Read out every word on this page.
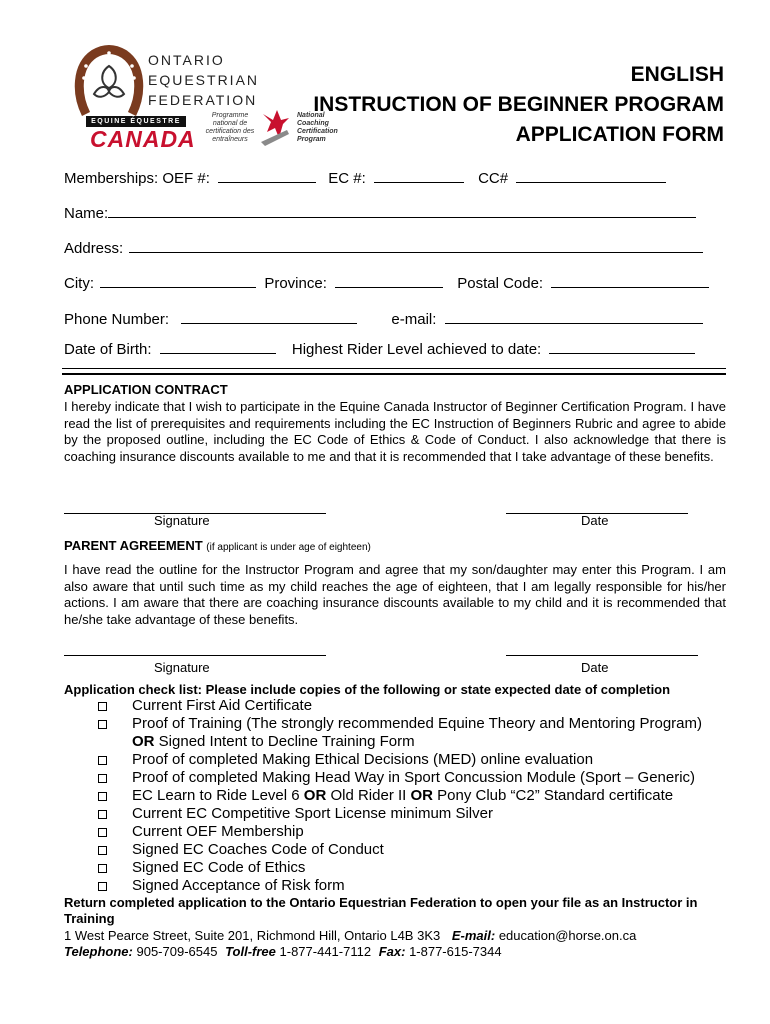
ONTARIO
EQUESTRIAN
FEDERATION
EQUINE ÉQUESTRE
CANADA
Programme
national de
certification des
entraîneurs
National
Coaching
Certification
Program
ENGLISH
INSTRUCTION OF BEGINNER PROGRAM
APPLICATION FORM
Memberships: OEF #:	EC #:	CC#
Name:
Address:
City:	Province:	Postal Code:
Phone Number:	e-mail:
Date of Birth:	Highest Rider Level achieved to date:
APPLICATION CONTRACT
I hereby indicate that I wish to participate in the Equine Canada Instructor of Beginner Certification Program. I have read the list of prerequisites and requirements including the EC Instruction of Beginners Rubric and agree to abide by the proposed outline, including the EC Code of Ethics & Code of Conduct. I also acknowledge that there is coaching insurance discounts available to me and that it is recommended that I take advantage of these benefits.
Signature	Date
PARENT AGREEMENT (if applicant is under age of eighteen)
I have read the outline for the Instructor Program and agree that my son/daughter may enter this Program. I am also aware that until such time as my child reaches the age of eighteen, that I am legally responsible for his/her actions. I am aware that there are coaching insurance discounts available to my child and it is recommended that he/she take advantage of these benefits.
Signature	Date
Application check list: Please include copies of the following or state expected date of completion
Current First Aid Certificate
Proof of Training (The strongly recommended Equine Theory and Mentoring Program)
OR Signed Intent to Decline Training Form
Proof of completed Making Ethical Decisions (MED) online evaluation
Proof of completed Making Head Way in Sport Concussion Module (Sport – Generic)
EC Learn to Ride Level 6 OR Old Rider II OR Pony Club “C2” Standard certificate
Current EC Competitive Sport License minimum Silver
Current OEF Membership
Signed EC Coaches Code of Conduct
Signed EC Code of Ethics
Signed Acceptance of Risk form
Return completed application to the Ontario Equestrian Federation to open your file as an Instructor in Training
1 West Pearce Street, Suite 201, Richmond Hill, Ontario L4B 3K3 E-mail: education@horse.on.ca
Telephone: 905-709-6545 Toll-free 1-877-441-7112 Fax: 1-877-615-7344
